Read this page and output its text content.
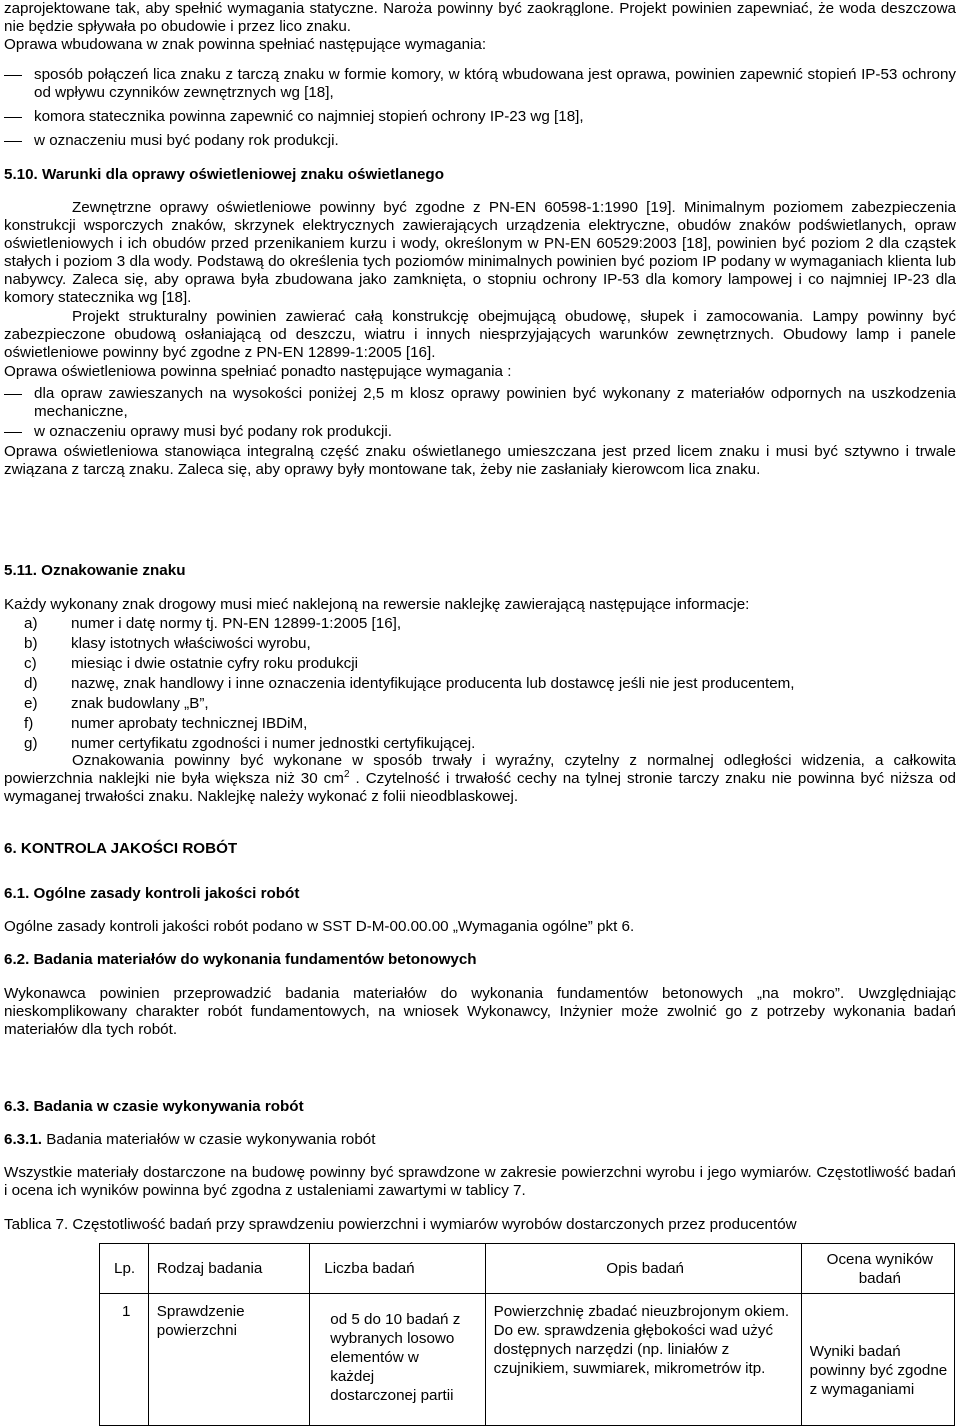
zaprojektowane tak, aby spełnić wymagania statyczne. Naroża powinny być zaokrąglone. Projekt powinien zapewniać, że woda deszczowa nie będzie spływała po obudowie i przez lico znaku.

Oprawa wbudowana w znak powinna spełniać następujące wymagania:

sposób połączeń lica znaku z tarczą znaku w formie komory, w którą wbudowana jest oprawa, powinien zapewnić stopień IP-53 ochrony od wpływu czynników zewnętrznych wg [18],

komora statecznika powinna zapewnić co najmniej stopień ochrony IP-23 wg [18],

w oznaczeniu musi być podany rok produkcji.

5.10. Warunki dla oprawy oświetleniowej znaku oświetlanego

Zewnętrzne oprawy oświetleniowe powinny być zgodne z PN-EN 60598-1:1990 [19]. Minimalnym poziomem zabezpieczenia konstrukcji wsporczych znaków, skrzynek elektrycznych zawierających urządzenia elektryczne, obudów znaków podświetlanych, opraw oświetleniowych i ich obudów przed przenikaniem kurzu i wody, określonym w PN-EN 60529:2003 [18], powinien być poziom 2 dla cząstek stałych i poziom 3 dla wody. Podstawą do określenia tych poziomów minimalnych powinien być poziom IP podany w wymaganiach klienta lub nabywcy. Zaleca się, aby oprawa była zbudowana jako zamknięta, o stopniu ochrony IP-53 dla komory lampowej i co najmniej IP-23 dla komory statecznika wg [18].

Projekt strukturalny powinien zawierać całą konstrukcję obejmującą obudowę, słupek i zamocowania. Lampy powinny być zabezpieczone obudową osłaniającą od deszczu, wiatru i innych niesprzyjających warunków zewnętrznych. Obudowy lamp i panele oświetleniowe powinny być zgodne z PN-EN 12899-1:2005 [16].

Oprawa oświetleniowa powinna spełniać ponadto następujące wymagania :

dla opraw zawieszanych na wysokości poniżej 2,5 m klosz oprawy powinien być wykonany z materiałów odpornych na uszkodzenia mechaniczne,

w oznaczeniu oprawy musi być podany rok produkcji.

Oprawa oświetleniowa stanowiąca integralną część znaku oświetlanego umieszczana jest przed licem znaku i musi być sztywno i trwale związana z tarczą znaku. Zaleca się, aby oprawy były montowane tak, żeby nie zasłaniały kierowcom lica znaku.

5.11. Oznakowanie znaku

Każdy wykonany znak drogowy musi mieć naklejoną na rewersie naklejkę zawierającą następujące informacje:

a) numer i datę normy tj. PN-EN 12899-1:2005 [16],

b) klasy istotnych właściwości wyrobu,

c) miesiąc i dwie ostatnie cyfry roku produkcji

d) nazwę, znak handlowy i inne oznaczenia identyfikujące producenta lub dostawcę jeśli nie jest producentem,

e) znak budowlany „B”,

f) numer aprobaty technicznej IBDiM,

g) numer certyfikatu zgodności i numer jednostki certyfikującej.

Oznakowania powinny być wykonane w sposób trwały i wyraźny, czytelny z normalnej odległości widzenia, a całkowita powierzchnia naklejki nie była większa niż 30 $cm^2$ . Czytelność i trwałość cechy na tylnej stronie tarczy znaku nie powinna być niższa od wymaganej trwałości znaku. Naklejkę należy wykonać z folii nieodblaskowej.

6. KONTROLA JAKOŚCI ROBÓT
6.1. Ogólne zasady kontroli jakości robót

Ogólne zasady kontroli jakości robót podano w SST D-M-00.00.00 „Wymagania ogólne” pkt 6.

6.2. Badania materiałów do wykonania fundamentów betonowych

Wykonawca powinien przeprowadzić badania materiałów do wykonania fundamentów betonowych „na mokro”. Uwzględniając nieskomplikowany charakter robót fundamentowych, na wniosek Wykonawcy, Inżynier może zwolnić go z potrzeby wykonania badań materiałów dla tych robót.

6.3. Badania w czasie wykonywania robót

6.3.1. Badania materiałów w czasie wykonywania robót

Wszystkie materiały dostarczone na budowę powinny być sprawdzone w zakresie powierzchni wyrobu i jego wymiarów. Częstotliwość badań i ocena ich wyników powinna być zgodna z ustaleniami zawartymi w tablicy 7.

Tablica 7. Częstotliwość badań przy sprawdzeniu powierzchni i wymiarów wyrobów dostarczonych przez producentów

Lp.	Rodzaj badania	Liczba badań	Opis badań	Ocena wyników badań
1	Sprawdzenie powierzchni	od 5 do 10 badań z wybranych losowo elementów w każdej dostarczonej partii	Powierzchnię zbadać nieuzbrojonym okiem. Do ew. sprawdzenia głębokości wad użyć dostępnych narzędzi (np. liniałów z czujnikiem, suwmiarek, mikrometrów itp.	Wyniki badań powinny być zgodne z wymaganiami
